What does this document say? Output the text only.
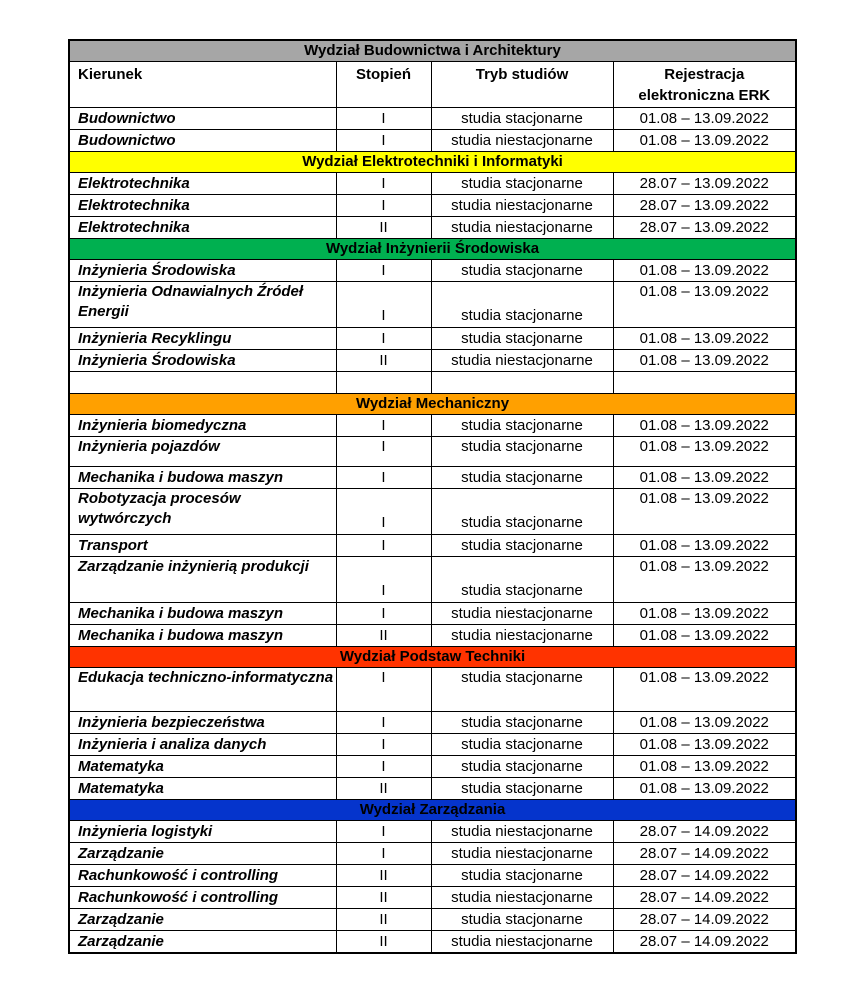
Wydział Budownictwa i Architektury			
Kierunek	Stopień	Tryb studiów	Rejestracja
elektroniczna ERK

Budownictwo	I	studia stacjonarne	01.08 – 13.09.2022
Budownictwo	I	studia niestacjonarne	01.08 – 13.09.2022
Wydział Elektrotechniki i Informatyki			
Elektrotechnika	I	studia stacjonarne	28.07 – 13.09.2022
Elektrotechnika	I	studia niestacjonarne	28.07 – 13.09.2022
Elektrotechnika	II	studia niestacjonarne	28.07 – 13.09.2022
Wydział Inżynierii Środowiska			
Inżynieria Środowiska	I	studia stacjonarne	01.08 – 13.09.2022
Inżynieria Odnawialnych Źródeł Energii	I	studia stacjonarne	01.08 – 13.09.2022
Inżynieria Recyklingu	I	studia stacjonarne	01.08 – 13.09.2022
Inżynieria Środowiska	II	studia niestacjonarne	01.08 – 13.09.2022

Wydział Mechaniczny			
Inżynieria biomedyczna	I	studia stacjonarne	01.08 – 13.09.2022
Inżynieria pojazdów	I	studia stacjonarne	01.08 – 13.09.2022
Mechanika i budowa maszyn	I	studia stacjonarne	01.08 – 13.09.2022
Robotyzacja procesów wytwórczych	I	studia stacjonarne	01.08 – 13.09.2022
Transport	I	studia stacjonarne	01.08 – 13.09.2022
Zarządzanie inżynierią produkcji	I	studia stacjonarne	01.08 – 13.09.2022
Mechanika i budowa maszyn	I	studia niestacjonarne	01.08 – 13.09.2022
Mechanika i budowa maszyn	II	studia niestacjonarne	01.08 – 13.09.2022
Wydział Podstaw Techniki			
Edukacja techniczno-informatyczna	I	studia stacjonarne	01.08 – 13.09.2022
Inżynieria bezpieczeństwa	I	studia stacjonarne	01.08 – 13.09.2022
Inżynieria i analiza danych	I	studia stacjonarne	01.08 – 13.09.2022
Matematyka	I	studia stacjonarne	01.08 – 13.09.2022
Matematyka	II	studia stacjonarne	01.08 – 13.09.2022
Wydział Zarządzania			
Inżynieria logistyki	I	studia niestacjonarne	28.07 – 14.09.2022
Zarządzanie	I	studia niestacjonarne	28.07 – 14.09.2022
Rachunkowość i controlling	II	studia stacjonarne	28.07 – 14.09.2022
Rachunkowość i controlling	II	studia niestacjonarne	28.07 – 14.09.2022
Zarządzanie	II	studia stacjonarne	28.07 – 14.09.2022
Zarządzanie	II	studia niestacjonarne	28.07 – 14.09.2022
